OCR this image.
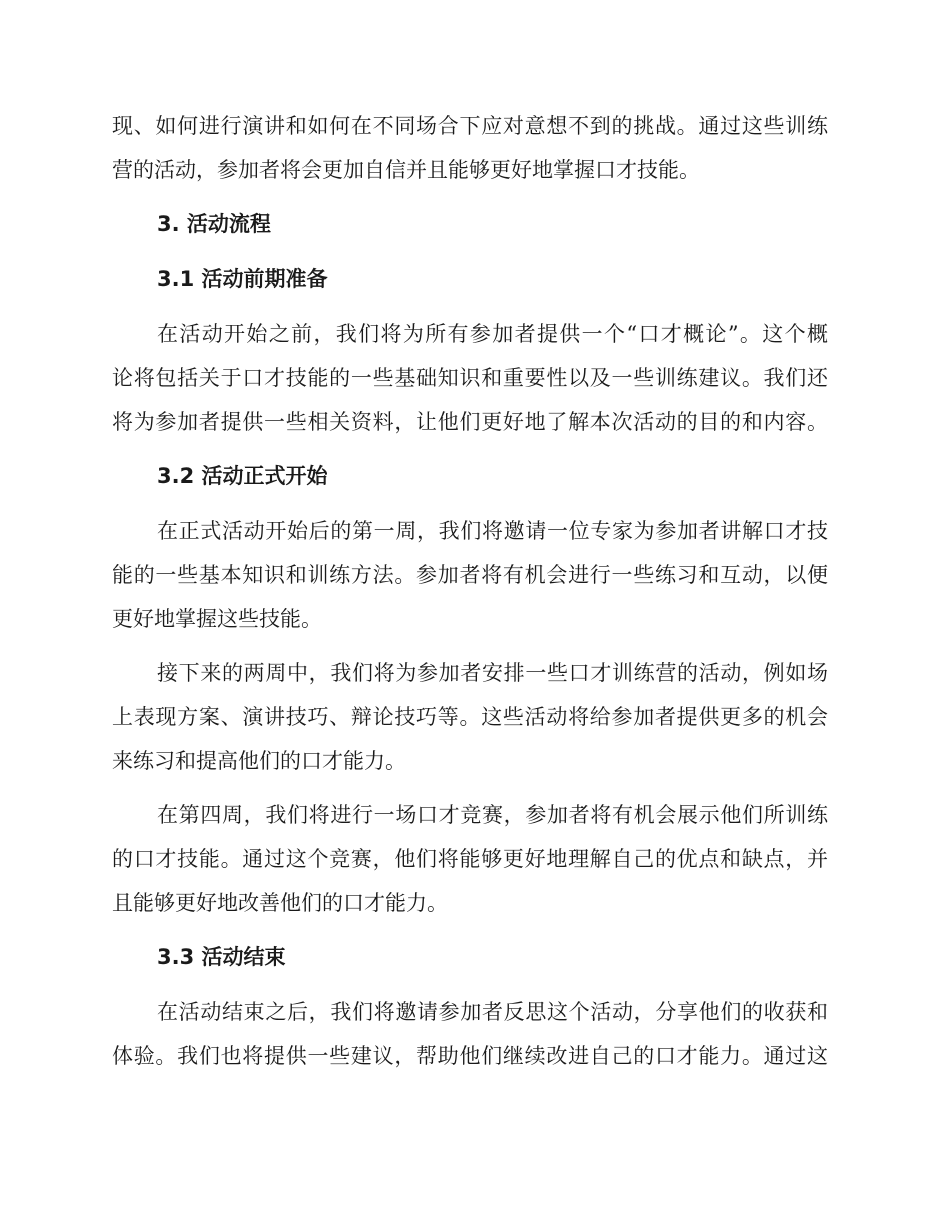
现、如何进行演讲和如何在不同场合下应对意想不到的挑战。通过这些训练
营的活动，参加者将会更加自信并且能够更好地掌握口才技能。
3. 活动流程
3.1 活动前期准备
在活动开始之前，我们将为所有参加者提供一个“口才概论”。这个概
论将包括关于口才技能的一些基础知识和重要性以及一些训练建议。我们还
将为参加者提供一些相关资料，让他们更好地了解本次活动的目的和内容。
3.2 活动正式开始
在正式活动开始后的第一周，我们将邀请一位专家为参加者讲解口才技
能的一些基本知识和训练方法。参加者将有机会进行一些练习和互动，以便
更好地掌握这些技能。
接下来的两周中，我们将为参加者安排一些口才训练营的活动，例如场
上表现方案、演讲技巧、辩论技巧等。这些活动将给参加者提供更多的机会
来练习和提高他们的口才能力。
在第四周，我们将进行一场口才竞赛，参加者将有机会展示他们所训练
的口才技能。通过这个竞赛，他们将能够更好地理解自己的优点和缺点，并
且能够更好地改善他们的口才能力。
3.3 活动结束
在活动结束之后，我们将邀请参加者反思这个活动，分享他们的收获和
体验。我们也将提供一些建议，帮助他们继续改进自己的口才能力。通过这
